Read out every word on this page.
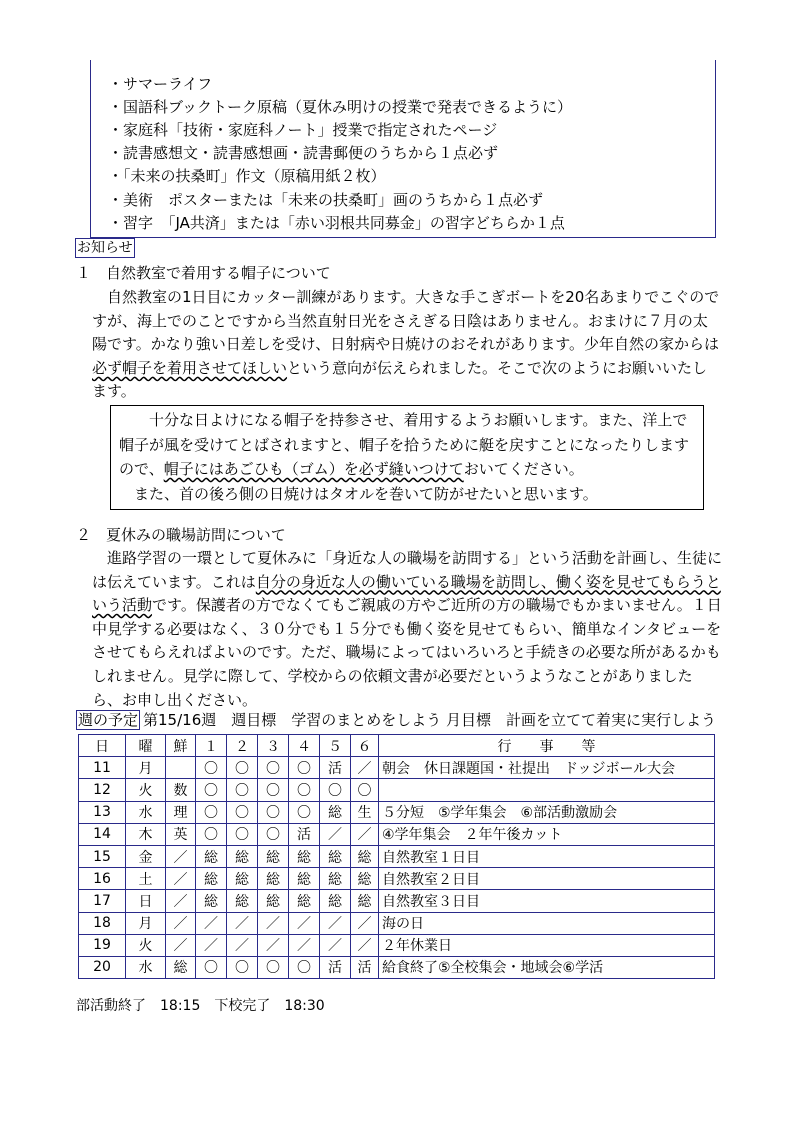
・サマーライフ
・国語科ブックトーク原稿（夏休み明けの授業で発表できるように）
・家庭科「技術・家庭科ノート」授業で指定されたページ
・読書感想文・読書感想画・読書郵便のうちから１点必ず
・「未来の扶桑町」作文（原稿用紙２枚）
・美術　ポスターまたは「未来の扶桑町」画のうちから１点必ず
・習字　「JA共済」または「赤い羽根共同募金」の習字どちらか１点
お知らせ
１　自然教室で着用する帽子について
自然教室の1日目にカッター訓練があります。大きな手こぎボートを20名あまりでこぐのですが、海上でのことですから当然直射日光をさえぎる日陰はありません。おまけに７月の太陽です。かなり強い日差しを受け、日射病や日焼けのおそれがあります。少年自然の家からは必ず帽子を着用させてほしいという意向が伝えられました。そこで次のようにお願いいたします。

十分な日よけになる帽子を持参させ、着用するようお願いします。また、洋上で帽子が風を受けてとばされますと、帽子を拾うために艇を戻すことになったりしますので、帽子にはあごひも（ゴム）を必ず縫いつけておいてください。

また、首の後ろ側の日焼けはタオルを巻いて防がせたいと思います。

２　夏休みの職場訪問について
進路学習の一環として夏休みに「身近な人の職場を訪問する」という活動を計画し、生徒には伝えています。これは自分の身近な人の働いている職場を訪問し、働く姿を見せてもらうという活動です。保護者の方でなくてもご親戚の方やご近所の方の職場でもかまいません。１日中見学する必要はなく、３０分でも１５分でも働く姿を見せてもらい、簡単なインタビューをさせてもらえればよいのです。ただ、職場によってはいろいろと手続きの必要な所があるかもしれません。見学に際して、学校からの依頼文書が必要だというようなことがありましたら、お申し出ください。
週の予定 第15/16週　週目標　学習のまとめをしよう 月目標　計画を立てて着実に実行しよう
日	曜	鮮	１	２	３	４	５	６	行　　事　　等
11	月		〇	〇	〇	〇	活	／	朝会　休日課題国・社提出　ドッジボール大会
12	火	数	〇	〇	〇	〇	〇	〇	
13	水	理	〇	〇	〇	〇	総	生	５分短　⑤学年集会　⑥部活動激励会
14	木	英	〇	〇	〇	活	／	／	④学年集会　２年午後カット
15	金	／	総	総	総	総	総	総	自然教室１日目
16	土	／	総	総	総	総	総	総	自然教室２日目
17	日	／	総	総	総	総	総	総	自然教室３日目
18	月	／	／	／	／	／	／	／	海の日
19	火	／	／	／	／	／	／	／	２年休業日
20	水	総	〇	〇	〇	〇	活	活	給食終了⑤全校集会・地域会⑥学活
部活動終了　18:15　下校完了　18:30
